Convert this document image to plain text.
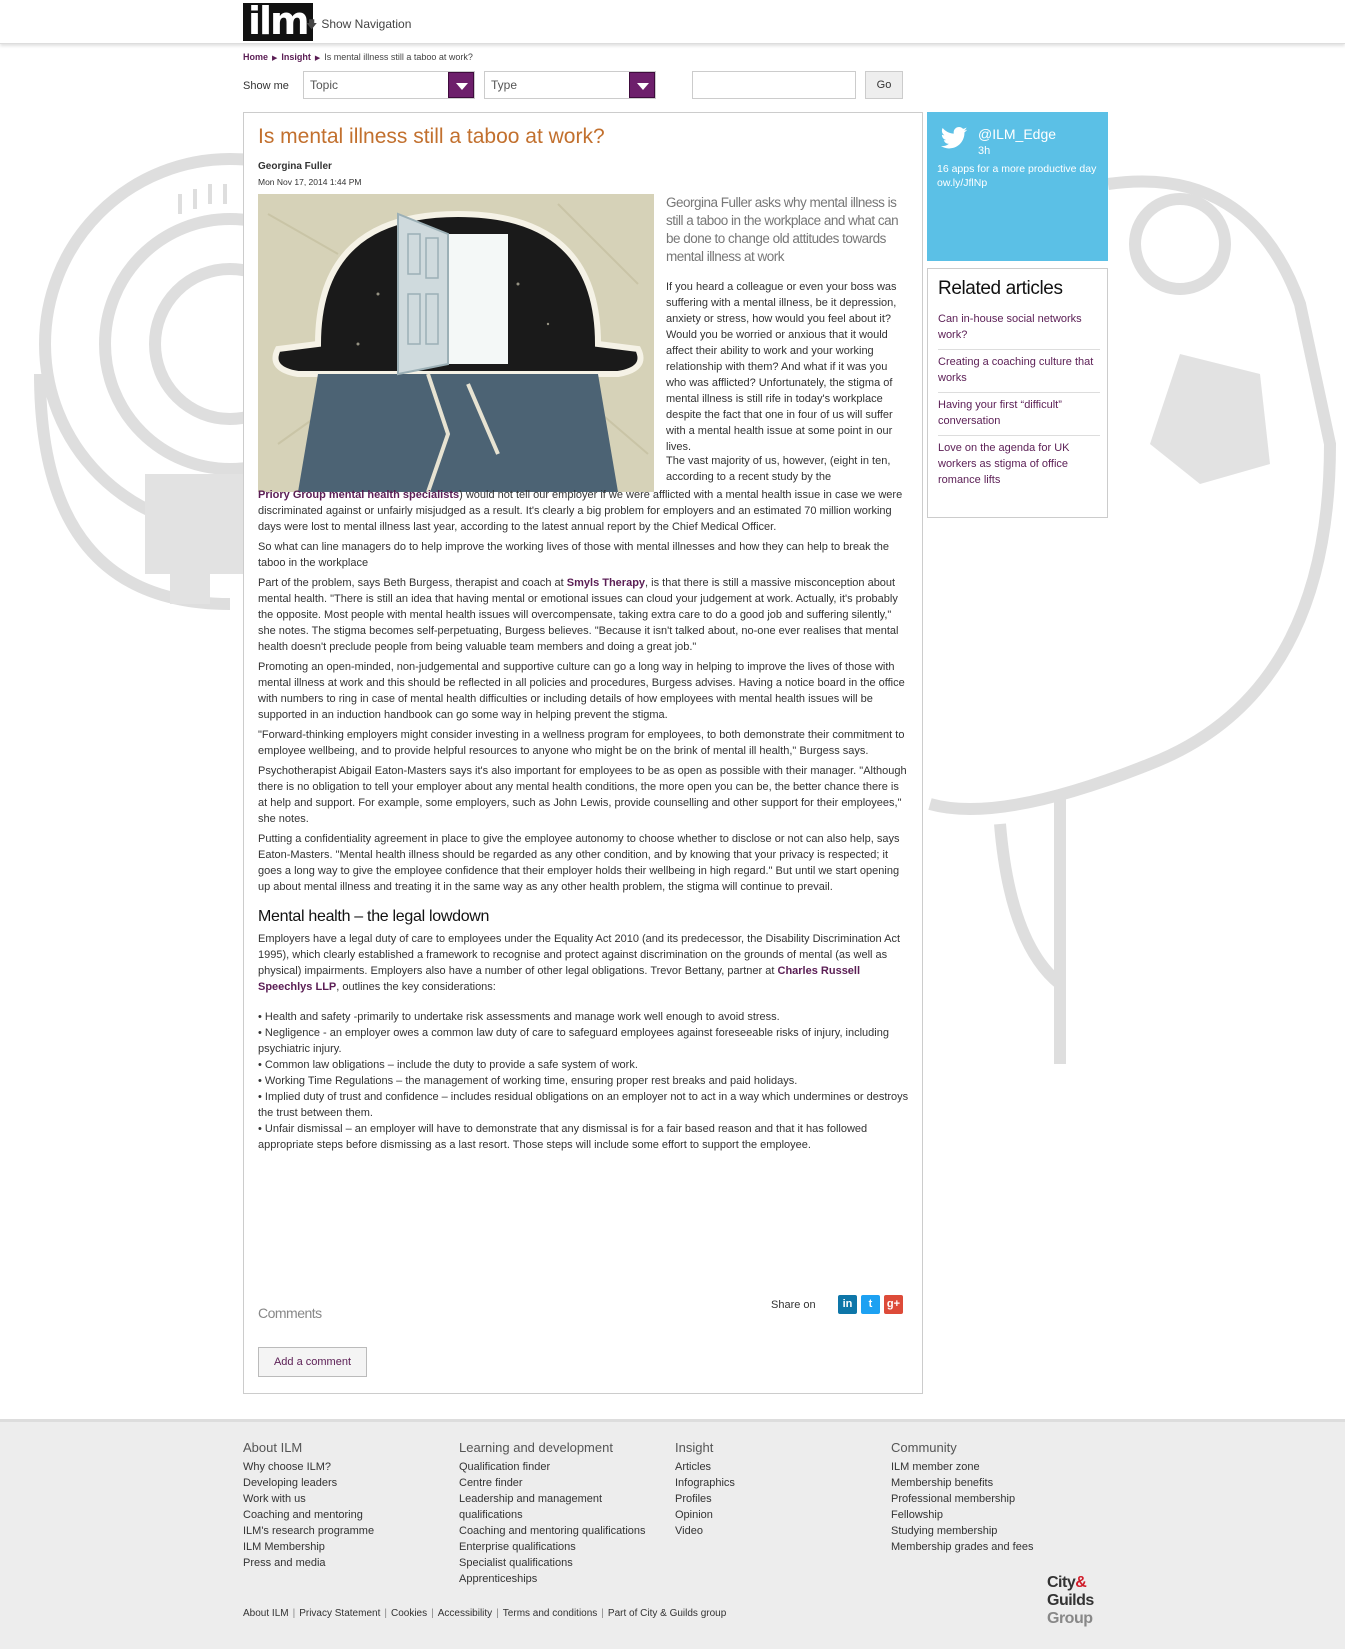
ilm
🡇 Show Navigation
Home ▶ Insight ▶ Is mental illness still a taboo at work?
Show me	Topic	Type	Go
Is mental illness still a taboo at work?
Georgina Fuller
Mon Nov 17, 2014 1:44 PM
Georgina Fuller asks why mental illness is still a taboo in the workplace and what can be done to change old attitudes towards mental illness at work

If you heard a colleague or even your boss was suffering with a mental illness, be it depression, anxiety or stress, how would you feel about it? Would you be worried or anxious that it would affect their ability to work and your working relationship with them? And what if it was you who was afflicted? Unfortunately, the stigma of mental illness is still rife in today's workplace despite the fact that one in four of us will suffer with a mental health issue at some point in our lives.

The vast majority of us, however, (eight in ten, according to a recent study by the

Priory Group mental health specialists) would not tell our employer if we were afflicted with a mental health issue in case we were discriminated against or unfairly misjudged as a result. It's clearly a big problem for employers and an estimated 70 million working days were lost to mental illness last year, according to the latest annual report by the Chief Medical Officer.

So what can line managers do to help improve the working lives of those with mental illnesses and how they can help to break the taboo in the workplace

Part of the problem, says Beth Burgess, therapist and coach at Smyls Therapy, is that there is still a massive misconception about mental health. "There is still an idea that having mental or emotional issues can cloud your judgement at work. Actually, it's probably the opposite. Most people with mental health issues will overcompensate, taking extra care to do a good job and suffering silently," she notes. The stigma becomes self-perpetuating, Burgess believes. "Because it isn't talked about, no-one ever realises that mental health doesn't preclude people from being valuable team members and doing a great job."

Promoting an open-minded, non-judgemental and supportive culture can go a long way in helping to improve the lives of those with mental illness at work and this should be reflected in all policies and procedures, Burgess advises. Having a notice board in the office with numbers to ring in case of mental health difficulties or including details of how employees with mental health issues will be supported in an induction handbook can go some way in helping prevent the stigma.

"Forward-thinking employers might consider investing in a wellness program for employees, to both demonstrate their commitment to employee wellbeing, and to provide helpful resources to anyone who might be on the brink of mental ill health," Burgess says.

Psychotherapist Abigail Eaton-Masters says it's also important for employees to be as open as possible with their manager. "Although there is no obligation to tell your employer about any mental health conditions, the more open you can be, the better chance there is at help and support. For example, some employers, such as John Lewis, provide counselling and other support for their employees," she notes.

Putting a confidentiality agreement in place to give the employee autonomy to choose whether to disclose or not can also help, says Eaton-Masters. "Mental health illness should be regarded as any other condition, and by knowing that your privacy is respected; it goes a long way to give the employee confidence that their employer holds their wellbeing in high regard." But until we start opening up about mental illness and treating it in the same way as any other health problem, the stigma will continue to prevail.

Mental health – the legal lowdown

Employers have a legal duty of care to employees under the Equality Act 2010 (and its predecessor, the Disability Discrimination Act 1995), which clearly established a framework to recognise and protect against discrimination on the grounds of mental (as well as physical) impairments. Employers also have a number of other legal obligations. Trevor Bettany, partner at Charles Russell Speechlys LLP, outlines the key considerations:

• Health and safety -primarily to undertake risk assessments and manage work well enough to avoid stress.
• Negligence - an employer owes a common law duty of care to safeguard employees against foreseeable risks of injury, including psychiatric injury.
• Common law obligations – include the duty to provide a safe system of work.
• Working Time Regulations – the management of working time, ensuring proper rest breaks and paid holidays.
• Implied duty of trust and confidence – includes residual obligations on an employer not to act in a way which undermines or destroys the trust between them.
• Unfair dismissal – an employer will have to demonstrate that any dismissal is for a fair based reason and that it has followed appropriate steps before dismissing as a last resort. Those steps will include some effort to support the employee.
Comments	Share on	in	t	g+
Add a comment
@ILM_Edge
3h
16 apps for a more productive day ow.ly/JflNp
Related articles
Can in-house social networks work?
Creating a coaching culture that works
Having your first “difficult” conversation
Love on the agenda for UK workers as stigma of office romance lifts
About ILM
Why choose ILM?
Developing leaders
Work with us
Coaching and mentoring
ILM's research programme
ILM Membership
Press and media
Learning and development
Qualification finder
Centre finder
Leadership and management
qualifications
Coaching and mentoring qualifications
Enterprise qualifications
Specialist qualifications
Apprenticeships
Insight
Articles
Infographics
Profiles
Opinion
Video
Community
ILM member zone
Membership benefits
Professional membership
Fellowship
Studying membership
Membership grades and fees
About ILM | Privacy Statement | Cookies | Accessibility | Terms and conditions | Part of City & Guilds group
City&
Guilds
Group
